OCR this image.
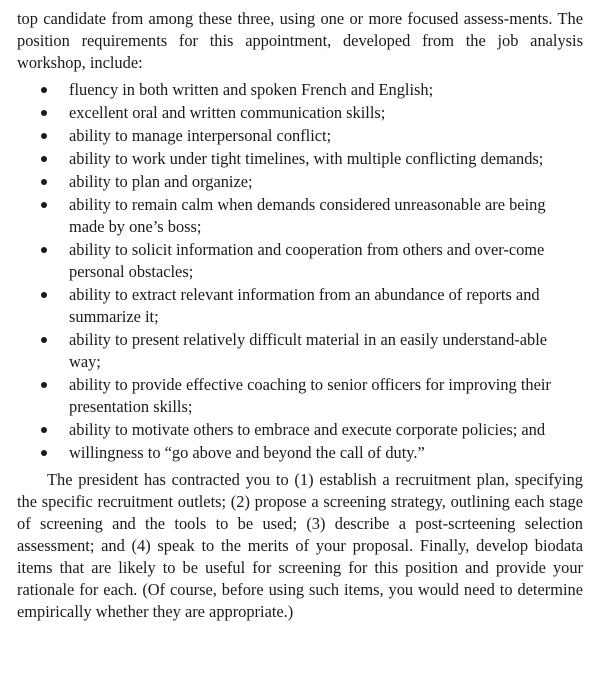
top candidate from among these three, using one or more focused assess-ments. The position requirements for this appointment, developed from the job analysis workshop, include:

fluency in both written and spoken French and English;
excellent oral and written communication skills;
ability to manage interpersonal conflict;
ability to work under tight timelines, with multiple conflicting demands;
ability to plan and organize;
ability to remain calm when demands considered unreasonable are being made by one’s boss;
ability to solicit information and cooperation from others and over-come personal obstacles;
ability to extract relevant information from an abundance of reports and summarize it;
ability to present relatively difficult material in an easily understand-able way;
ability to provide effective coaching to senior officers for improving their presentation skills;
ability to motivate others to embrace and execute corporate policies; and
willingness to “go above and beyond the call of duty.”

The president has contracted you to (1) establish a recruitment plan, specifying the specific recruitment outlets; (2) propose a screening strategy, outlining each stage of screening and the tools to be used; (3) describe a post-scrteening selection assessment; and (4) speak to the merits of your proposal. Finally, develop biodata items that are likely to be useful for screening for this position and provide your rationale for each. (Of course, before using such items, you would need to determine empirically whether they are appropriate.)
